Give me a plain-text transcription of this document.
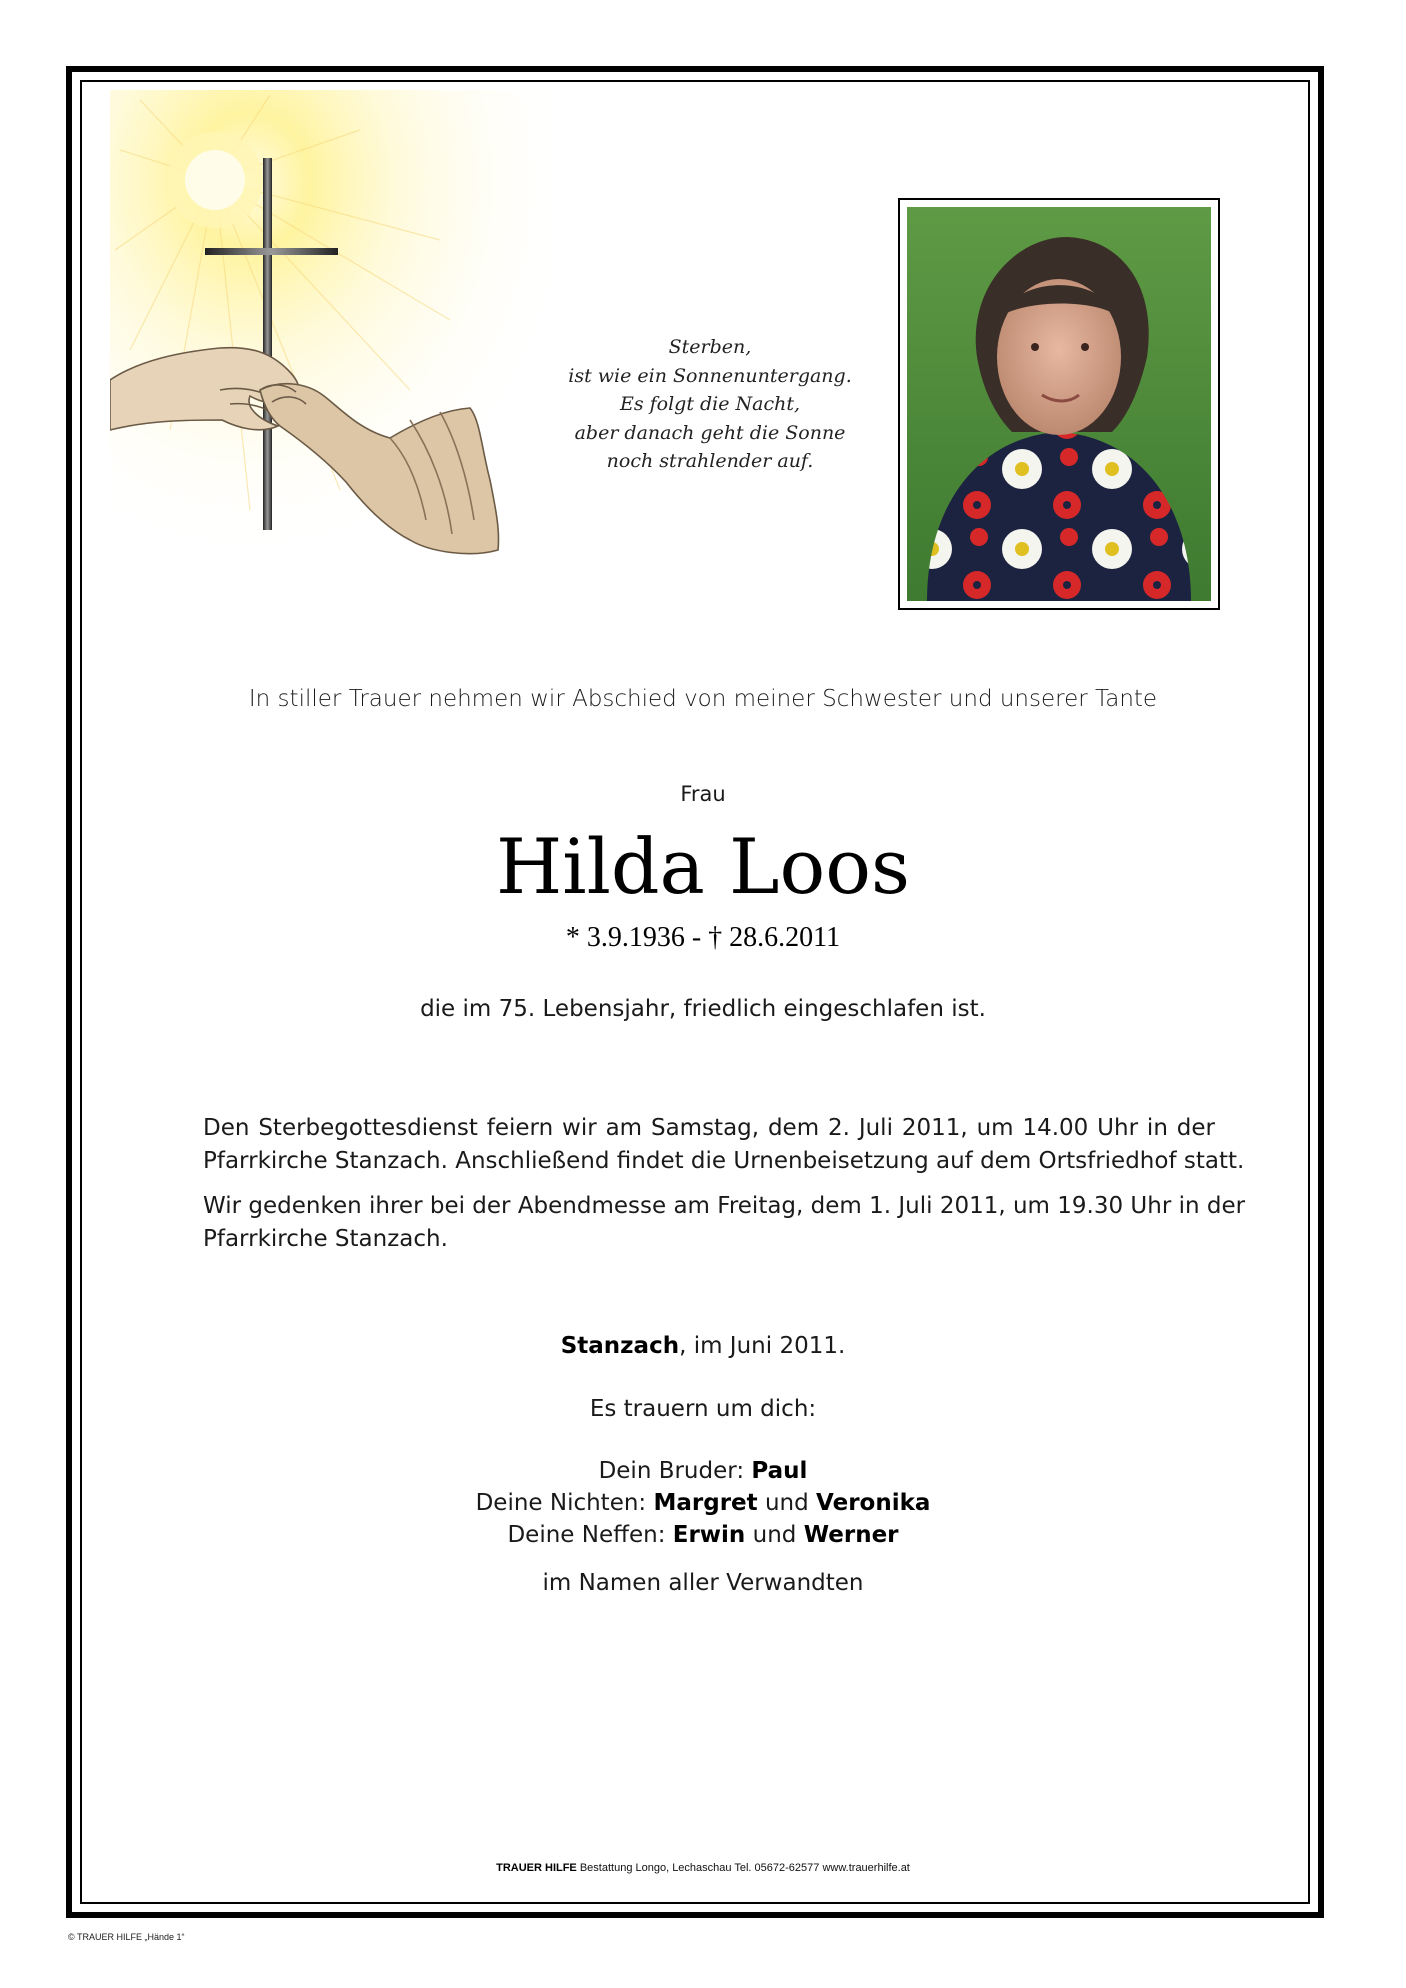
Sterben,
ist wie ein Sonnenuntergang.
Es folgt die Nacht,
aber danach geht die Sonne
noch strahlender auf.
In stiller Trauer nehmen wir Abschied von meiner Schwester und unserer Tante
Frau
Hilda Loos
* 3.9.1936 - † 28.6.2011
die im 75. Lebensjahr, friedlich eingeschlafen ist.
Den Sterbegottesdienst feiern wir am Samstag, dem 2. Juli 2011, um 14.00 Uhr in der
Pfarrkirche Stanzach. Anschließend findet die Urnenbeisetzung auf dem Ortsfriedhof statt.
Wir gedenken ihrer bei der Abendmesse am Freitag, dem 1. Juli 2011, um 19.30 Uhr in der
Pfarrkirche Stanzach.
Stanzach, im Juni 2011.
Es trauern um dich:
Dein Bruder: Paul
Deine Nichten: Margret und Veronika
Deine Neffen: Erwin und Werner
im Namen aller Verwandten
TRAUER HILFE Bestattung Longo, Lechaschau Tel. 05672-62577 www.trauerhilfe.at
© TRAUER HILFE „Hände 1“
